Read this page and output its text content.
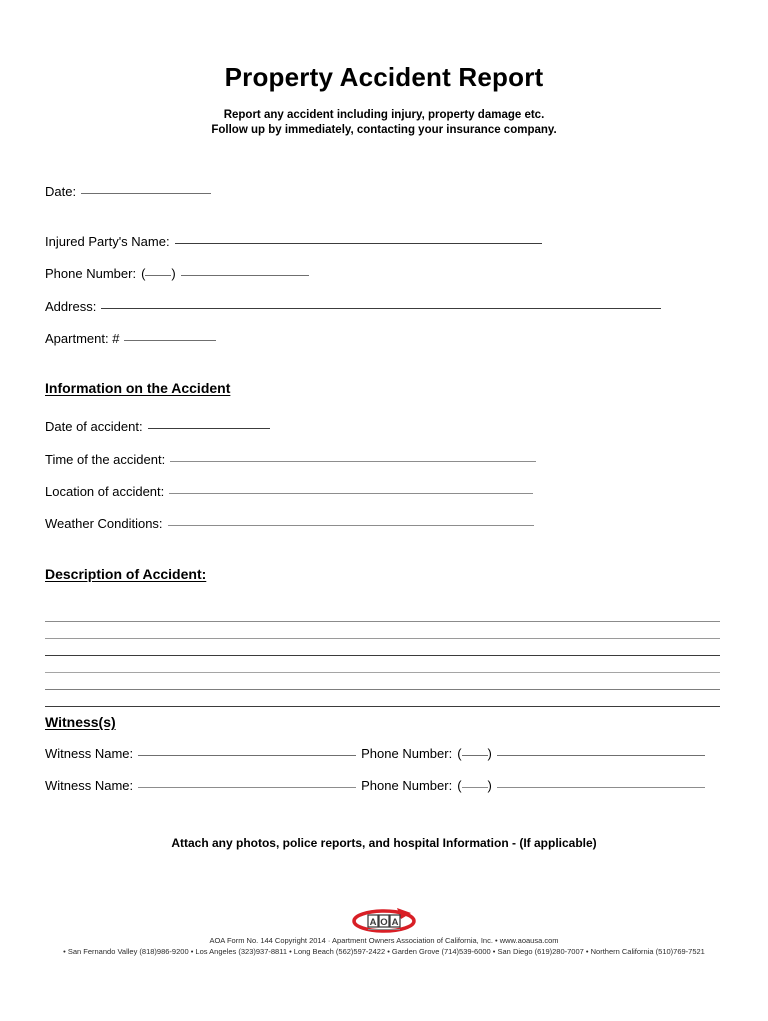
Property Accident Report
Report any accident including injury, property damage etc.
Follow up by immediately, contacting your insurance company.
Date:
Injured Party's Name:
Phone Number: ( )
Address:
Apartment: #
Information on the Accident
Date of accident:
Time of the accident:
Location of accident:
Weather Conditions:
Description of Accident:
Witness(s)
Witness Name:	Phone Number: ( )
Witness Name:	Phone Number: ( )
Attach any photos, police reports, and hospital Information - (If applicable)
A O A
AOA Form No. 144 Copyright 2014 · Apartment Owners Association of California, Inc. • www.aoausa.com
• San Fernando Valley (818)986-9200 • Los Angeles (323)937-8811 • Long Beach (562)597-2422 • Garden Grove (714)539-6000 • San Diego (619)280-7007 • Northern California (510)769-7521
